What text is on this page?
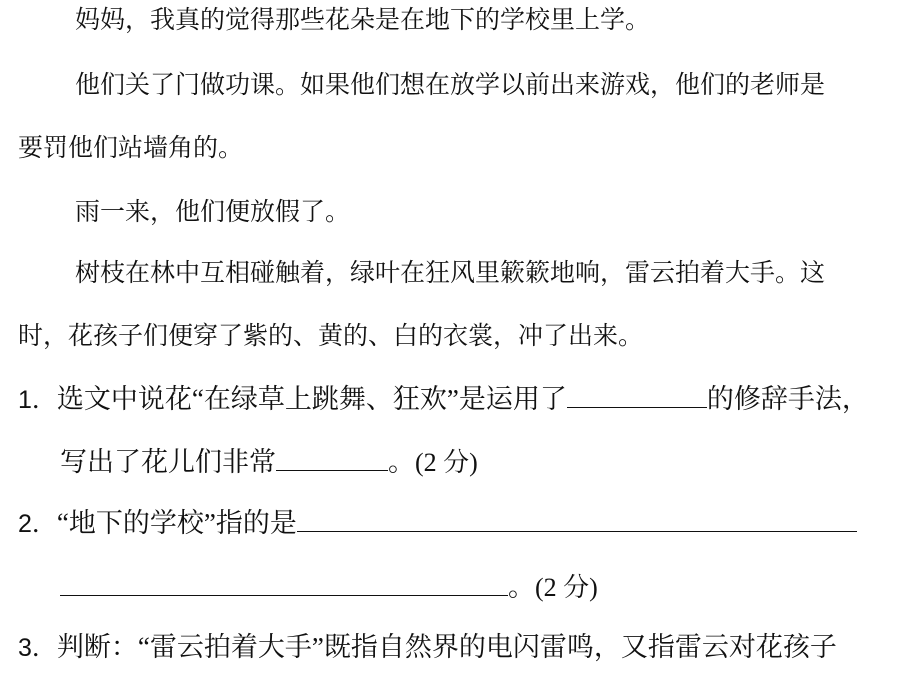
妈妈，我真的觉得那些花朵是在地下的学校里上学。
他们关了门做功课。如果他们想在放学以前出来游戏，他们的老师是
要罚他们站墙角的。
雨一来，他们便放假了。
树枝在林中互相碰触着，绿叶在狂风里簌簌地响，雷云拍着大手。这
时，花孩子们便穿了紫的、黄的、白的衣裳，冲了出来。
1．选文中说花“在绿草上跳舞、狂欢”是运用了	的修辞手法，
写出了花儿们非常	。(2 分)
2．“地下的学校”指的是
。(2 分)
3．判断：“雷云拍着大手”既指自然界的电闪雷鸣，又指雷云对花孩子
